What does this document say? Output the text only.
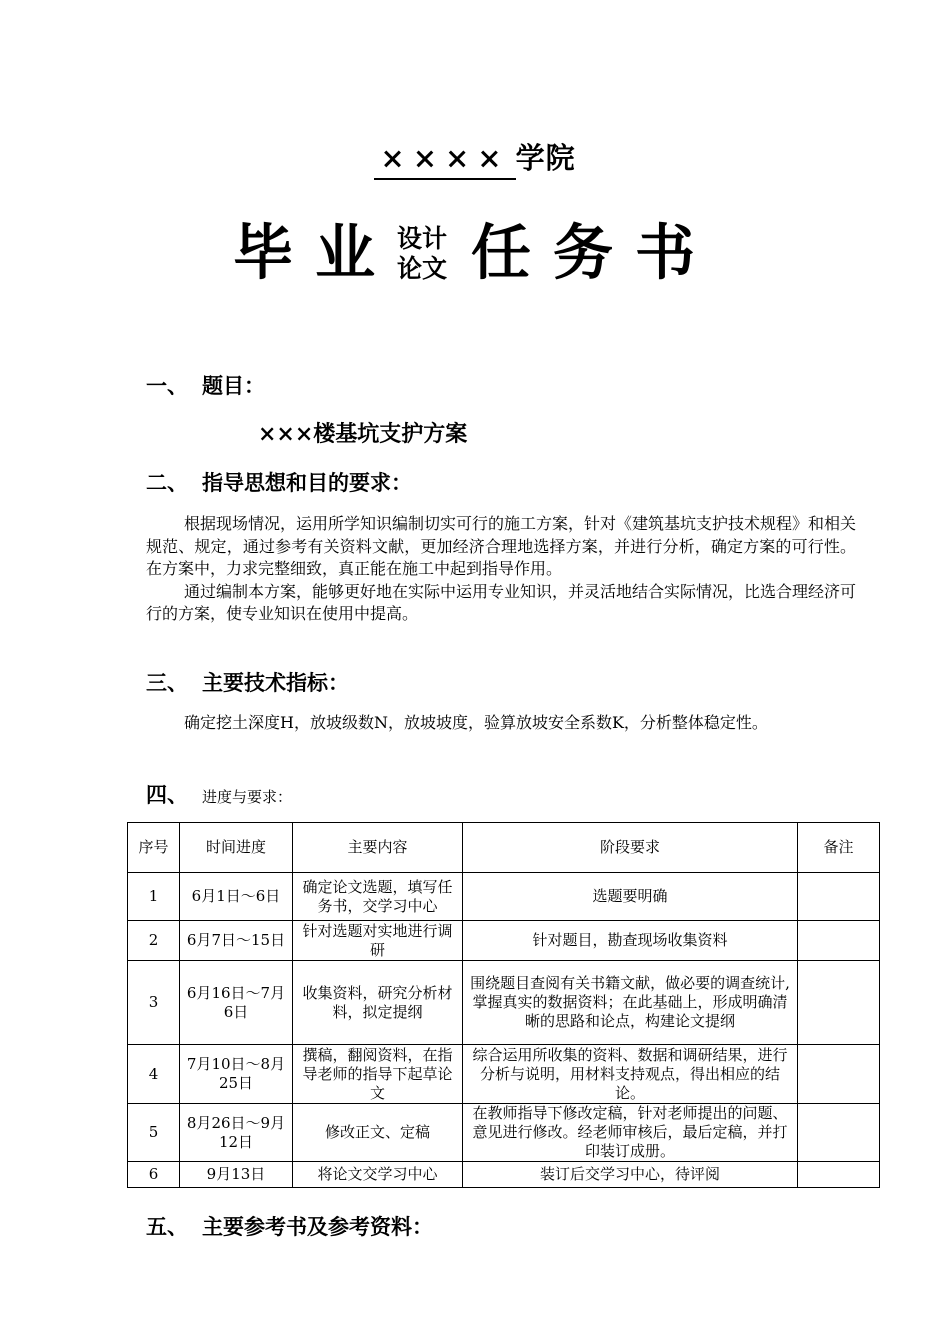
×××× 学院
毕业设计
论文 任务书
一、 题目：
×××楼基坑支护方案
二、 指导思想和目的要求：

根据现场情况，运用所学知识编制切实可行的施工方案，针对《建筑基坑支护技术规程》和相关规范、规定，通过参考有关资料文献，更加经济合理地选择方案，并进行分析，确定方案的可行性。在方案中，力求完整细致，真正能在施工中起到指导作用。

通过编制本方案，能够更好地在实际中运用专业知识，并灵活地结合实际情况，比选合理经济可行的方案，使专业知识在使用中提高。

三、 主要技术指标：

确定挖土深度H，放坡级数N，放坡坡度，验算放坡安全系数K，分析整体稳定性。

四、 进度与要求：
序号	时间进度	主要内容	阶段要求	备注
1	6月1日～6日	确定论文选题，填写任务书，交学习中心	选题要明确	
2	6月7日～15日	针对选题对实地进行调研	针对题目，勘查现场收集资料	
3	6月16日～7月6日	收集资料，研究分析材料，拟定提纲	围绕题目查阅有关书籍文献，做必要的调查统计,掌握真实的数据资料；在此基础上，形成明确清晰的思路和论点，构建论文提纲	
4	7月10日～8月25日	撰稿，翻阅资料，在指导老师的指导下起草论文	综合运用所收集的资料、数据和调研结果，进行分析与说明，用材料支持观点，得出相应的结论。	
5	8月26日～9月12日	修改正文、定稿	在教师指导下修改定稿，针对老师提出的问题、意见进行修改。经老师审核后，最后定稿，并打印装订成册。	
6	9月13日	将论文交学习中心	装订后交学习中心，待评阅	
五、 主要参考书及参考资料：
